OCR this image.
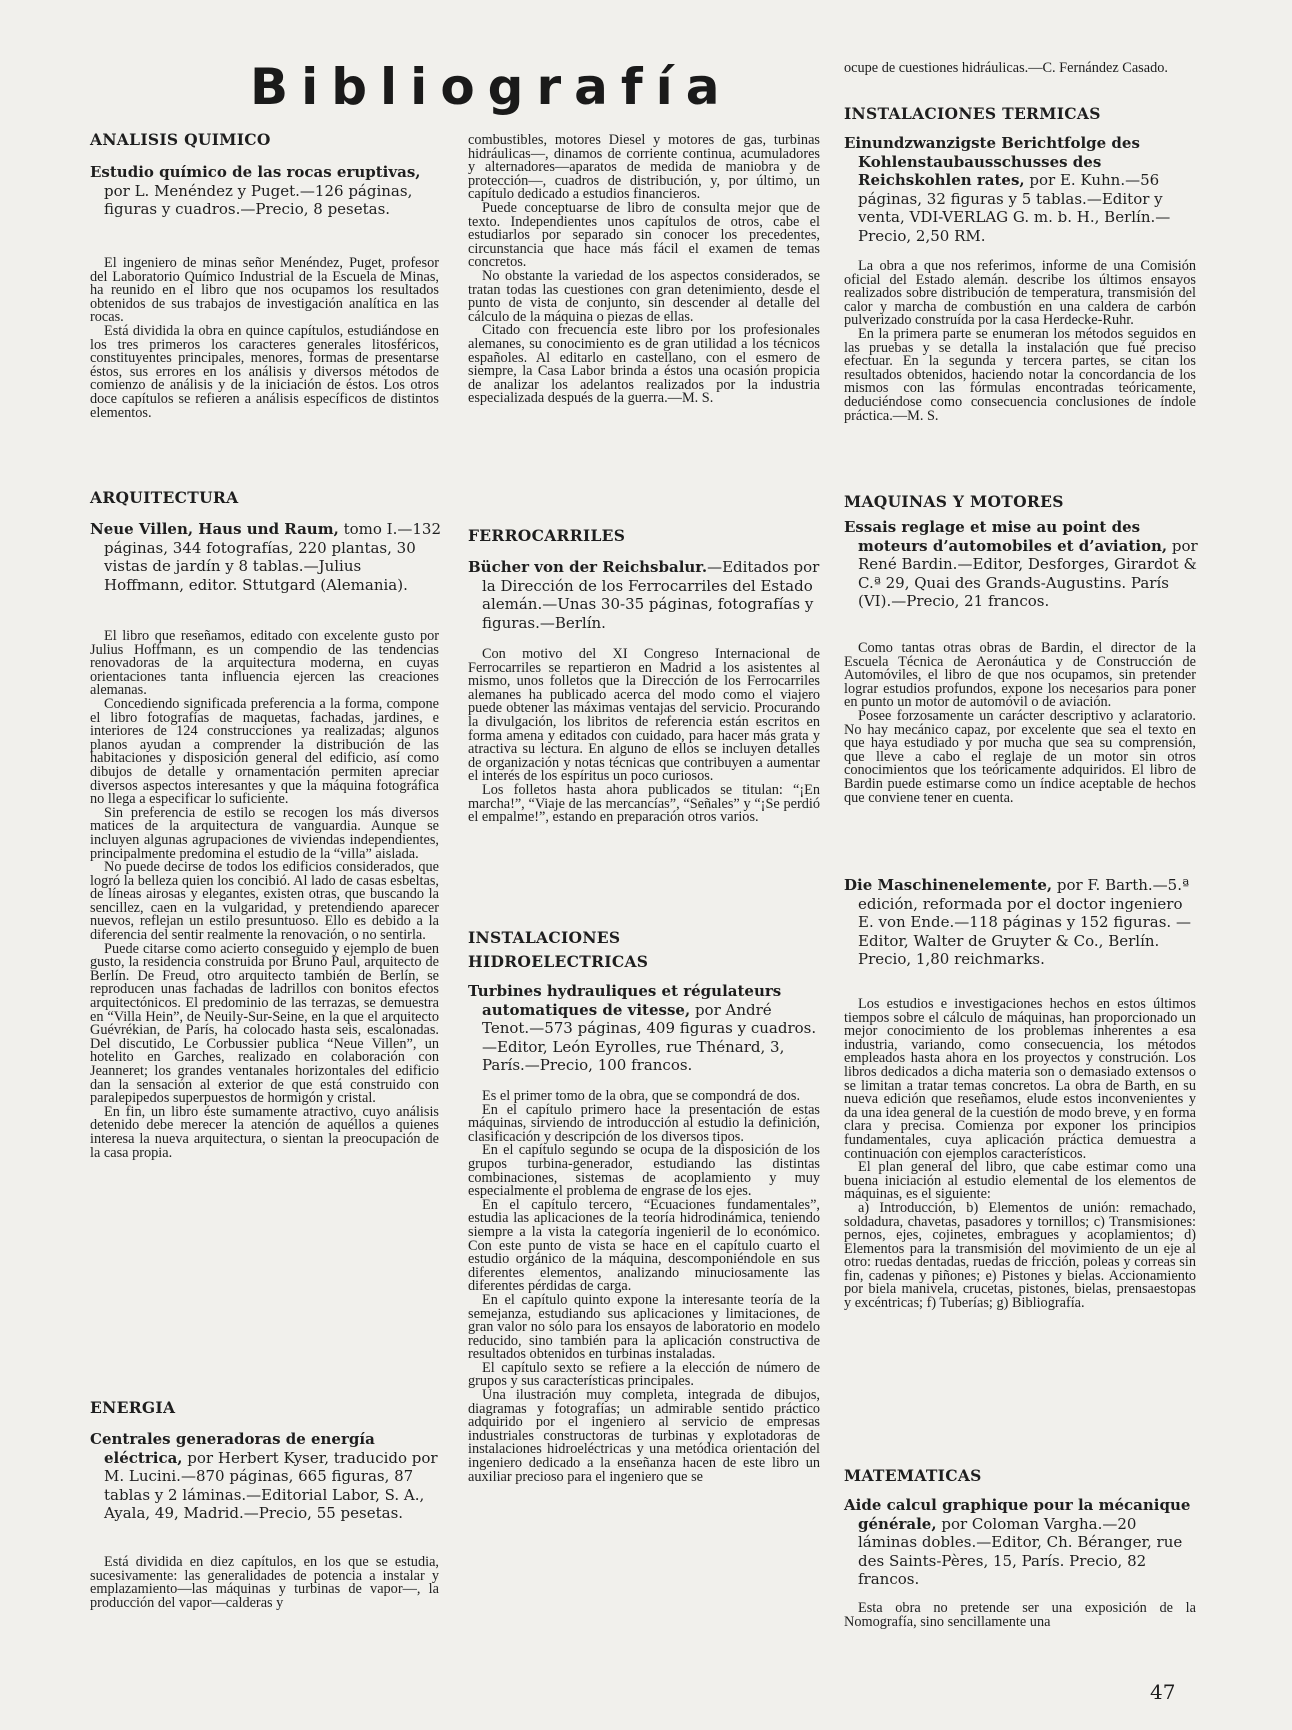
Bibliografía
ANALISIS QUIMICO

Estudio químico de las rocas eruptivas, por L. Menéndez y Puget.—126 páginas, figuras y cuadros.—Precio, 8 pesetas.

El ingeniero de minas señor Menéndez, Puget, profesor del Laboratorio Químico Industrial de la Escuela de Minas, ha reunido en el libro que nos ocupamos los resultados obtenidos de sus trabajos de investigación analítica en las rocas.

Está dividida la obra en quince capítulos, estudiándose en los tres primeros los caracteres generales litosféricos, constituyentes principales, menores, formas de presentarse éstos, sus errores en los análisis y diversos métodos de comienzo de análisis y de la iniciación de éstos. Los otros doce capítulos se refieren a análisis específicos de distintos elementos.

ARQUITECTURA

Neue Villen, Haus und Raum, tomo I.—132 páginas, 344 fotografías, 220 plantas, 30 vistas de jardín y 8 tablas.—Julius Hoffmann, editor. Sttutgard (Alemania).

El libro que reseñamos, editado con excelente gusto por Julius Hoffmann, es un compendio de las tendencias renovadoras de la arquitectura moderna, en cuyas orientaciones tanta influencia ejercen las creaciones alemanas.

Concediendo significada preferencia a la forma, compone el libro fotografías de maquetas, fachadas, jardines, e interiores de 124 construcciones ya realizadas; algunos planos ayudan a comprender la distribución de las habitaciones y disposición general del edificio, así como dibujos de detalle y ornamentación permiten apreciar diversos aspectos interesantes y que la máquina fotográfica no llega a especificar lo suficiente.

Sin preferencia de estilo se recogen los más diversos matices de la arquitectura de vanguardia. Aunque se incluyen algunas agrupaciones de viviendas independientes, principalmente predomina el estudio de la “villa” aislada.

No puede decirse de todos los edificios considerados, que logró la belleza quien los concibió. Al lado de casas esbeltas, de líneas airosas y elegantes, existen otras, que buscando la sencillez, caen en la vulgaridad, y pretendiendo aparecer nuevos, reflejan un estilo presuntuoso. Ello es debido a la diferencia del sentir realmente la renovación, o no sentirla.

Puede citarse como acierto conseguido y ejemplo de buen gusto, la residencia construida por Bruno Paul, arquitecto de Berlín. De Freud, otro arquitecto también de Berlín, se reproducen unas fachadas de ladrillos con bonitos efectos arquitectónicos. El predominio de las terrazas, se demuestra en “Villa Hein”, de Neuily-Sur-Seine, en la que el arquitecto Guévrékian, de París, ha colocado hasta seis, escalonadas. Del discutido, Le Corbussier publica “Neue Villen”, un hotelito en Garches, realizado en colaboración con Jeanneret; los grandes ventanales horizontales del edificio dan la sensación al exterior de que está construido con paralepipedos superpuestos de hormigón y cristal.

En fin, un libro éste sumamente atractivo, cuyo análisis detenido debe merecer la atención de aquéllos a quienes interesa la nueva arquitectura, o sientan la preocupación de la casa propia.

ENERGIA

Centrales generadoras de energía eléctrica, por Herbert Kyser, traducido por M. Lucini.—870 páginas, 665 figuras, 87 tablas y 2 láminas.—Editorial Labor, S. A., Ayala, 49, Madrid.—Precio, 55 pesetas.

Está dividida en diez capítulos, en los que se estudia, sucesivamente: las generalidades de potencia a instalar y emplazamiento—las máquinas y turbinas de vapor—, la producción del vapor—calderas y

combustibles, motores Diesel y motores de gas, turbinas hidráulicas—, dinamos de corriente continua, acumuladores y alternadores—aparatos de medida de maniobra y de protección—, cuadros de distribución, y, por último, un capítulo dedicado a estudios financieros.

Puede conceptuarse de libro de consulta mejor que de texto. Independientes unos capítulos de otros, cabe el estudiarlos por separado sin conocer los precedentes, circunstancia que hace más fácil el examen de temas concretos.

No obstante la variedad de los aspectos considerados, se tratan todas las cuestiones con gran detenimiento, desde el punto de vista de conjunto, sin descender al detalle del cálculo de la máquina o piezas de ellas.

Citado con frecuencia este libro por los profesionales alemanes, su conocimiento es de gran utilidad a los técnicos españoles. Al editarlo en castellano, con el esmero de siempre, la Casa Labor brinda a éstos una ocasión propicia de analizar los adelantos realizados por la industria especializada después de la guerra.—M. S.

FERROCARRILES

Bücher von der Reichsbalur.—Editados por la Dirección de los Ferrocarriles del Estado alemán.—Unas 30-35 páginas, fotografías y figuras.—Berlín.

Con motivo del XI Congreso Internacional de Ferrocarriles se repartieron en Madrid a los asistentes al mismo, unos folletos que la Dirección de los Ferrocarriles alemanes ha publicado acerca del modo como el viajero puede obtener las máximas ventajas del servicio. Procurando la divulgación, los libritos de referencia están escritos en forma amena y editados con cuidado, para hacer más grata y atractiva su lectura. En alguno de ellos se incluyen detalles de organización y notas técnicas que contribuyen a aumentar el interés de los espíritus un poco curiosos.

Los folletos hasta ahora publicados se titulan: “¡En marcha!”, “Viaje de las mercancías”, “Señales” y “¡Se perdió el empalme!”, estando en preparación otros varios.

INSTALACIONES
HIDROELECTRICAS

Turbines hydrauliques et régulateurs automatiques de vitesse, por André Tenot.—573 páginas, 409 figuras y cuadros.—Editor, León Eyrolles, rue Thénard, 3, París.—Precio, 100 francos.

Es el primer tomo de la obra, que se compondrá de dos.

En el capítulo primero hace la presentación de estas máquinas, sirviendo de introducción al estudio la definición, clasificación y descripción de los diversos tipos.

En el capítulo segundo se ocupa de la disposición de los grupos turbina-generador, estudiando las distintas combinaciones, sistemas de acoplamiento y muy especialmente el problema de engrase de los ejes.

En el capítulo tercero, “Ecuaciones fundamentales”, estudia las aplicaciones de la teoría hidrodinámica, teniendo siempre a la vista la categoría ingenieril de lo económico. Con este punto de vista se hace en el capítulo cuarto el estudio orgánico de la máquina, descomponiéndole en sus diferentes elementos, analizando minuciosamente las diferentes pérdidas de carga.

En el capítulo quinto expone la interesante teoría de la semejanza, estudiando sus aplicaciones y limitaciones, de gran valor no sólo para los ensayos de laboratorio en modelo reducido, sino también para la aplicación constructiva de resultados obtenidos en turbinas instaladas.

El capítulo sexto se refiere a la elección de número de grupos y sus características principales.

Una ilustración muy completa, integrada de dibujos, diagramas y fotografías; un admirable sentido práctico adquirido por el ingeniero al servicio de empresas industriales constructoras de turbinas y explotadoras de instalaciones hidroeléctricas y una metódica orientación del ingeniero dedicado a la enseñanza hacen de este libro un auxiliar precioso para el ingeniero que se

ocupe de cuestiones hidráulicas.—C. Fernández Casado.

INSTALACIONES TERMICAS

Einundzwanzigste Berichtfolge des Kohlenstaubausschusses des Reichskohlen rates, por E. Kuhn.—56 páginas, 32 figuras y 5 tablas.—Editor y venta, VDI-VERLAG G. m. b. H., Berlín.—Precio, 2,50 RM.

La obra a que nos referimos, informe de una Comisión oficial del Estado alemán. describe los últimos ensayos realizados sobre distribución de temperatura, transmisión del calor y marcha de combustión en una caldera de carbón pulverizado construída por la casa Herdecke-Ruhr.

En la primera parte se enumeran los métodos seguidos en las pruebas y se detalla la instalación que fué preciso efectuar. En la segunda y tercera partes, se citan los resultados obtenidos, haciendo notar la concordancia de los mismos con las fórmulas encontradas teóricamente, deduciéndose como consecuencia conclusiones de índole práctica.—M. S.

MAQUINAS Y MOTORES

Essais reglage et mise au point des moteurs d’automobiles et d’aviation, por René Bardin.—Editor, Desforges, Girardot & C.ª 29, Quai des Grands-Augustins. París (VI).—Precio, 21 francos.

Como tantas otras obras de Bardin, el director de la Escuela Técnica de Aeronáutica y de Construcción de Automóviles, el libro de que nos ocupamos, sin pretender lograr estudios profundos, expone los necesarios para poner en punto un motor de automóvil o de aviación.

Posee forzosamente un carácter descriptivo y aclaratorio. No hay mecánico capaz, por excelente que sea el texto en que haya estudiado y por mucha que sea su comprensión, que lleve a cabo el reglaje de un motor sin otros conocimientos que los teóricamente adquiridos. El libro de Bardin puede estimarse como un índice aceptable de hechos que conviene tener en cuenta.

Die Maschinenelemente, por F. Barth.—5.ª edición, reformada por el doctor ingeniero E. von Ende.—118 páginas y 152 figuras. — Editor, Walter de Gruyter & Co., Berlín. Precio, 1,80 reichmarks.

Los estudios e investigaciones hechos en estos últimos tiempos sobre el cálculo de máquinas, han proporcionado un mejor conocimiento de los problemas inherentes a esa industria, variando, como consecuencia, los métodos empleados hasta ahora en los proyectos y construción. Los libros dedicados a dicha materia son o demasiado extensos o se limitan a tratar temas concretos. La obra de Barth, en su nueva edición que reseñamos, elude estos inconvenientes y da una idea general de la cuestión de modo breve, y en forma clara y precisa. Comienza por exponer los principios fundamentales, cuya aplicación práctica demuestra a continuación con ejemplos característicos.

El plan general del libro, que cabe estimar como una buena iniciación al estudio elemental de los elementos de máquinas, es el siguiente:

a) Introducción, b) Elementos de unión: remachado, soldadura, chavetas, pasadores y tornillos; c) Transmisiones: pernos, ejes, cojinetes, embragues y acoplamientos; d) Elementos para la transmisión del movimiento de un eje al otro: ruedas dentadas, ruedas de fricción, poleas y correas sin fin, cadenas y piñones; e) Pistones y bielas. Accionamiento por biela manivela, crucetas, pistones, bielas, prensaestopas y excéntricas; f) Tuberías; g) Bibliografía.

MATEMATICAS

Aide calcul graphique pour la mécanique générale, por Coloman Vargha.—20 láminas dobles.—Editor, Ch. Béranger, rue des Saints-Pères, 15, París. Precio, 82 francos.

Esta obra no pretende ser una exposición de la Nomografía, sino sencillamente una

47
